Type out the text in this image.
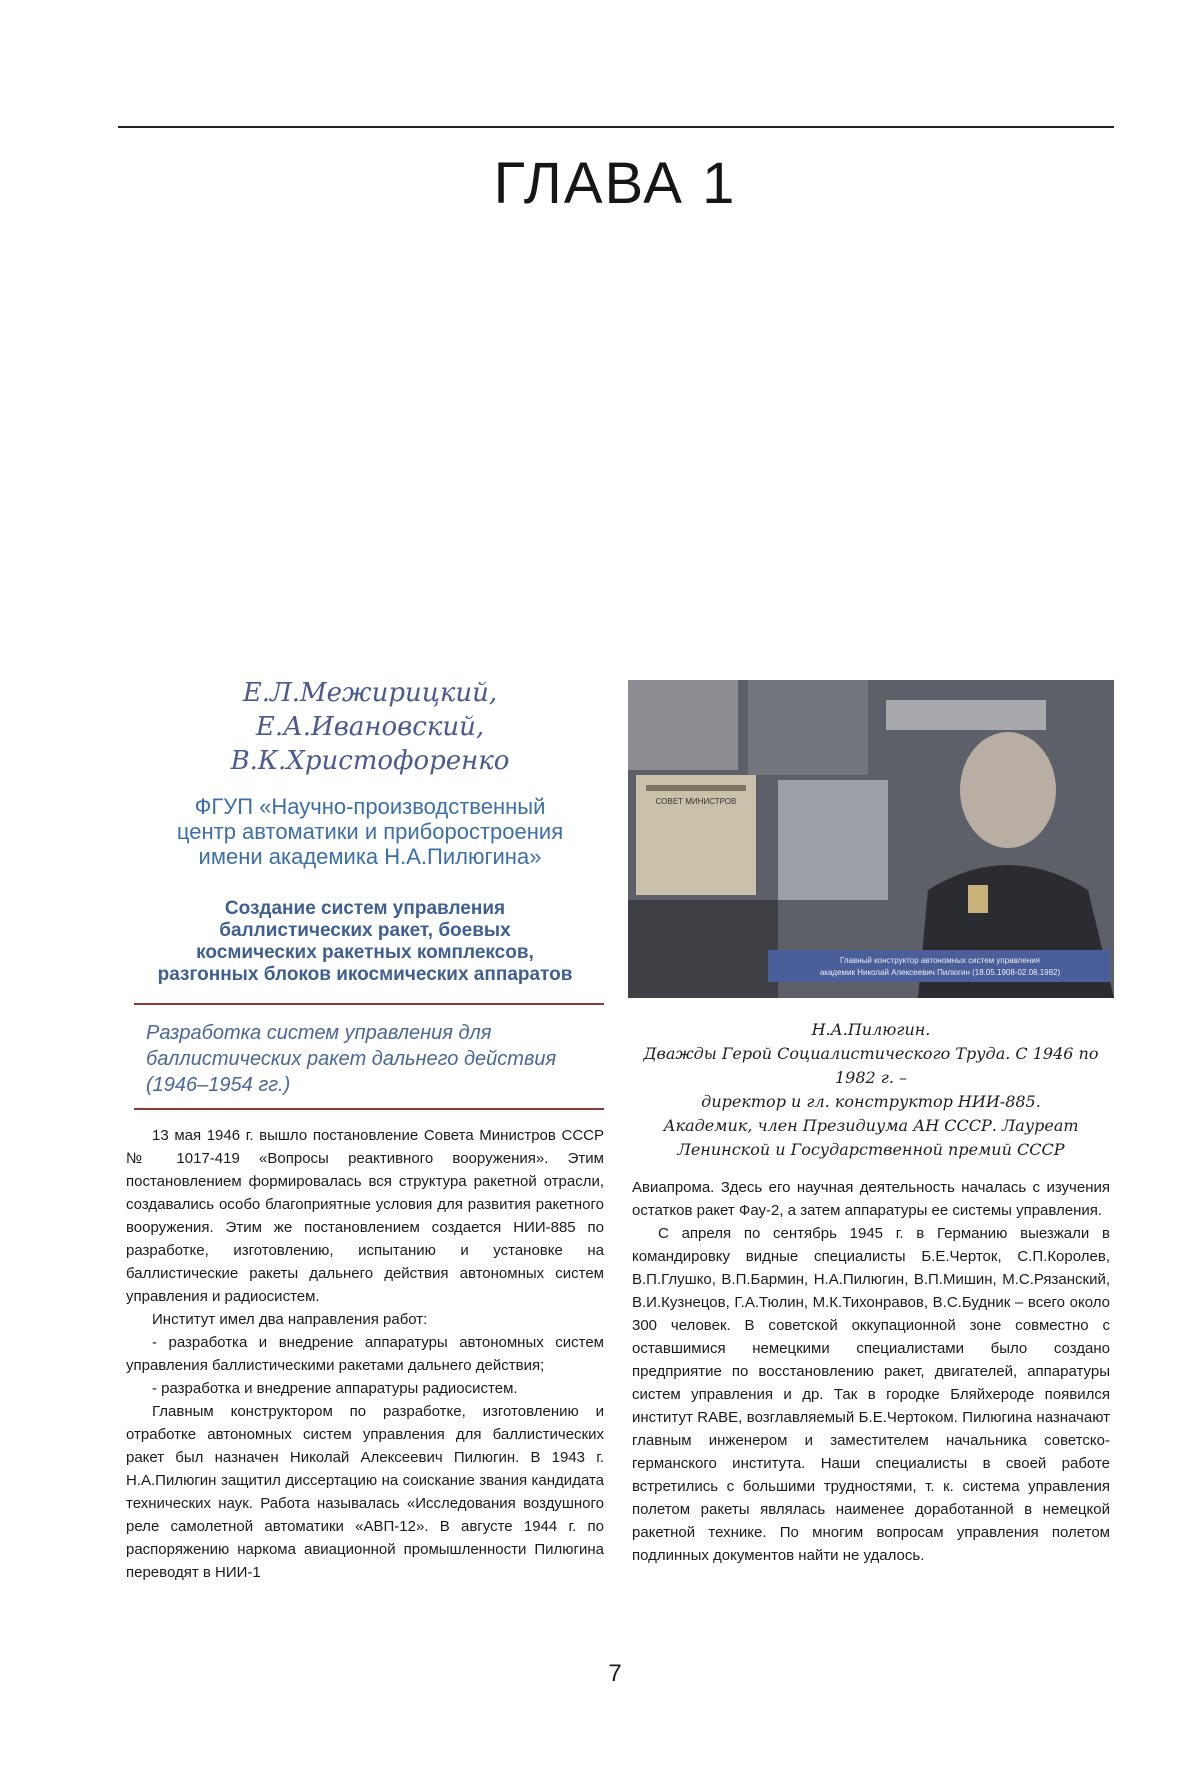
ГЛАВА 1
Е.Л.Межирицкий, Е.А.Ивановский,
В.К.Христофоренко
ФГУП «Научно-производственный
центр автоматики и приборостроения
имени академика Н.А.Пилюгина»
Создание систем управления
баллистических ракет, боевых
космических ракетных комплексов,
разгонных блоков икосмических аппаратов
Разработка систем управления для
баллистических ракет дальнего действия
(1946–1954 гг.)

13 мая 1946 г. вышло постановление Совета Министров СССР № 1017-419 «Вопросы реактивного вооружения». Этим постановлением формировалась вся структура ракетной отрасли, создавались особо благоприятные условия для развития ракетного вооружения. Этим же постановлением создается НИИ-885 по разработке, изготовлению, испытанию и установке на баллистические ракеты дальнего действия автономных систем управления и радиосистем.

Институт имел два направления работ:

- разработка и внедрение аппаратуры автономных систем управления баллистическими ракетами дальнего действия;

- разработка и внедрение аппаратуры радиосистем.

Главным конструктором по разработке, изготовлению и отработке автономных систем управления для баллистических ракет был назначен Николай Алексеевич Пилюгин. В 1943 г. Н.А.Пилюгин защитил диссертацию на соискание звания кандидата технических наук. Работа называлась «Исследования воздушного реле самолетной автоматики «АВП-12». В августе 1944 г. по распоряжению наркома авиационной промышленности Пилюгина переводят в НИИ-1

СОВЕТ МИНИСТРОВ
Главный конструктор автономных систем управления
академик Николай Алексеевич Пилюгин (18.05.1908-02.08.1982)
Н.А.Пилюгин.
Дважды Герой Социалистического Труда. С 1946 по 1982 г. –
директор и гл. конструктор НИИ-885.
Академик, член Президиума АН СССР. Лауреат
Ленинской и Государственной премий СССР

Авиапрома. Здесь его научная деятельность началась с изучения остатков ракет Фау-2, а затем аппаратуры ее системы управления.

С апреля по сентябрь 1945 г. в Германию выезжали в командировку видные специалисты Б.Е.Черток, С.П.Королев, В.П.Глушко, В.П.Бармин, Н.А.Пилюгин, В.П.Мишин, М.С.Рязанский, В.И.Кузнецов, Г.А.Тюлин, М.К.Тихонравов, В.С.Будник – всего около 300 человек. В советской оккупационной зоне совместно с оставшимися немецкими специалистами было создано предприятие по восстановлению ракет, двигателей, аппаратуры систем управления и др. Так в городке Бляйхероде появился институт RABE, возглавляемый Б.Е.Чертоком. Пилюгина назначают главным инженером и заместителем начальника советско-германского института. Наши специалисты в своей работе встретились с большими трудностями, т. к. система управления полетом ракеты являлась наименее доработанной в немецкой ракетной технике. По многим вопросам управления полетом подлинных документов найти не удалось.

7
